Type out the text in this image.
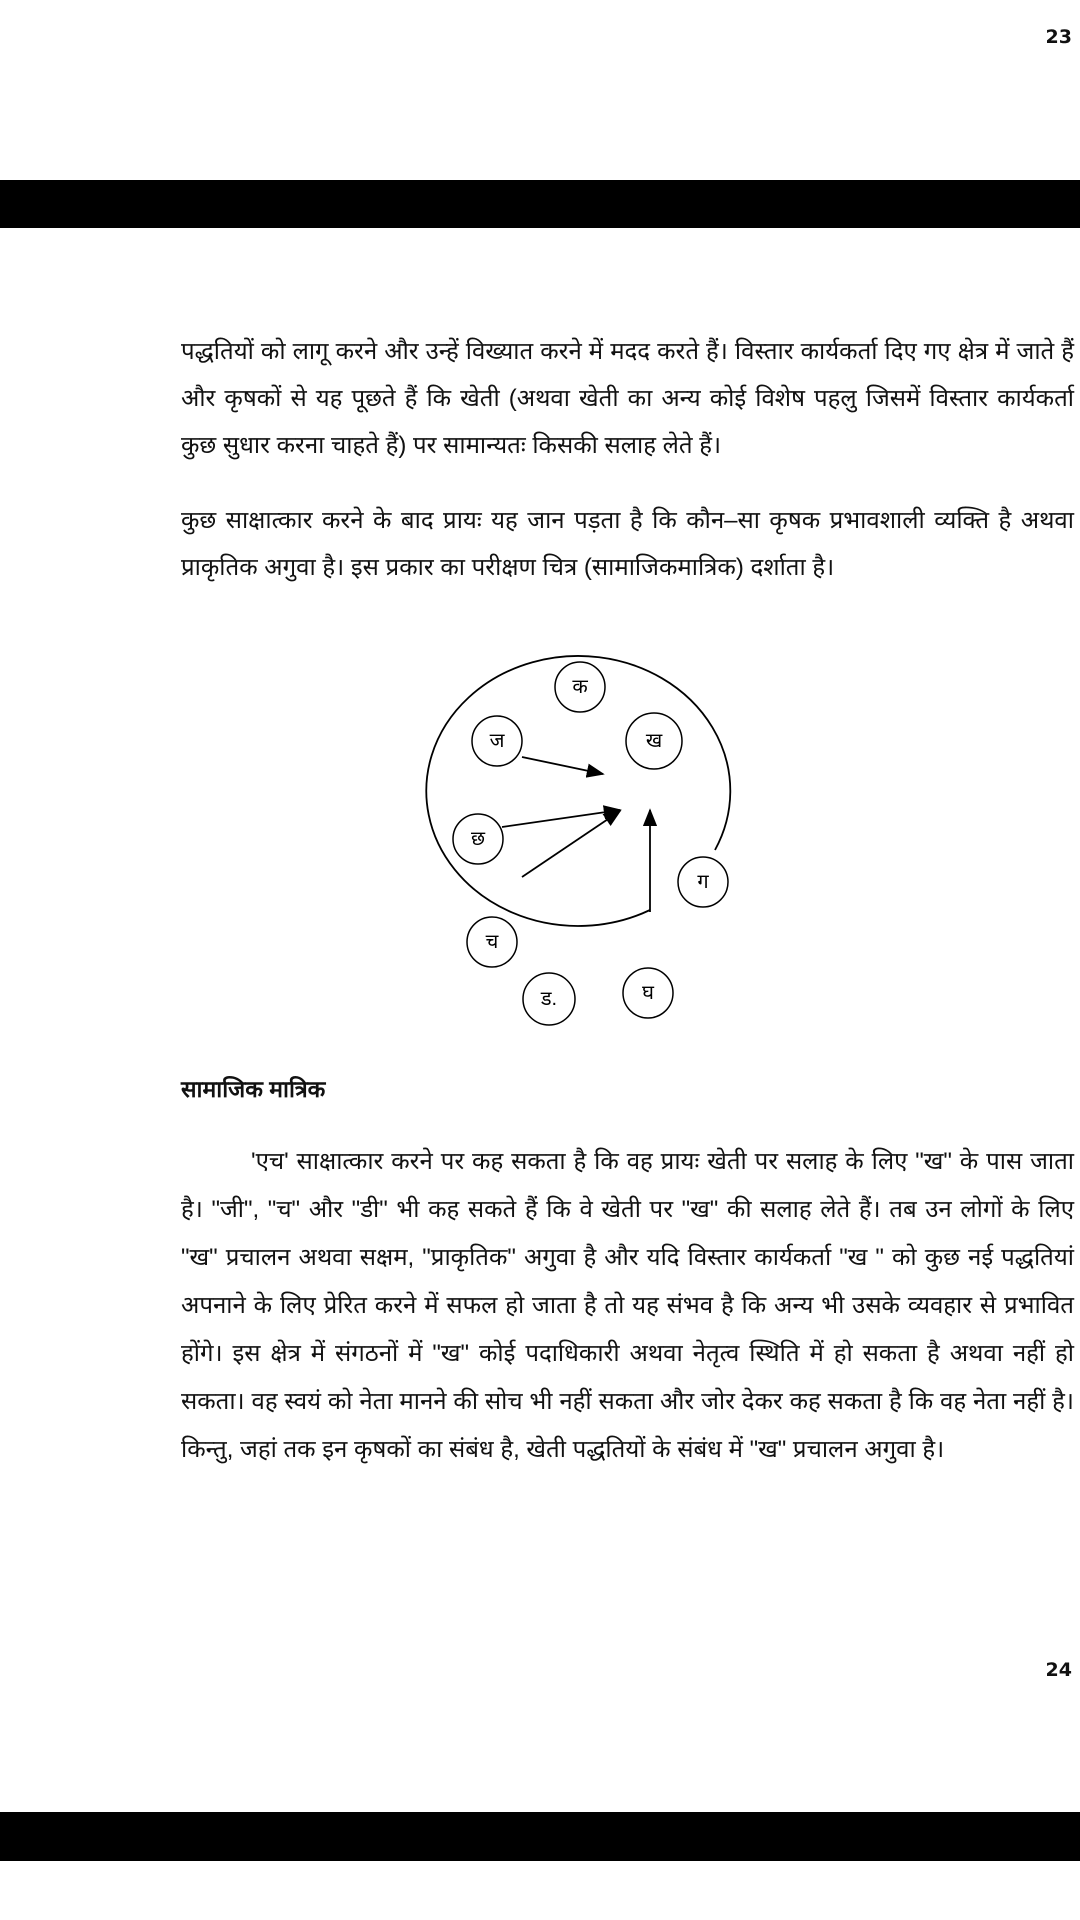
23

पद्धतियों को लागू करने और उन्हें विख्यात करने में मदद करते हैं। विस्तार कार्यकर्ता दिए गए क्षेत्र में जाते हैं और कृषकों से यह पूछते हैं कि खेती (अथवा खेती का अन्य कोई विशेष पहलु जिसमें विस्तार कार्यकर्ता कुछ सुधार करना चाहते हैं) पर सामान्यतः किसकी सलाह लेते हैं।

कुछ साक्षात्कार करने के बाद प्रायः यह जान पड़ता है कि कौन–सा कृषक प्रभावशाली व्यक्ति है अथवा प्राकृतिक अगुवा है। इस प्रकार का परीक्षण चित्र (सामाजिकमात्रिक) दर्शाता है।

क
ज	ख
छ
ग
च
ड.	घ
सामाजिक मात्रिक

'एच' साक्षात्कार करने पर कह सकता है कि वह प्रायः खेती पर सलाह के लिए "ख" के पास जाता है। "जी", "च" और "डी" भी कह सकते हैं कि वे खेती पर "ख" की सलाह लेते हैं। तब उन लोगों के लिए "ख" प्रचालन अथवा सक्षम, "प्राकृतिक" अगुवा है और यदि विस्तार कार्यकर्ता "ख " को कुछ नई पद्धतियां अपनाने के लिए प्रेरित करने में सफल हो जाता है तो यह संभव है कि अन्य भी उसके व्यवहार से प्रभावित होंगे। इस क्षेत्र में संगठनों में "ख" कोई पदाधिकारी अथवा नेतृत्व स्थिति में हो सकता है अथवा नहीं हो सकता। वह स्वयं को नेता मानने की सोच भी नहीं सकता और जोर देकर कह सकता है कि वह नेता नहीं है। किन्तु, जहां तक इन कृषकों का संबंध है, खेती पद्धतियों के संबंध में "ख" प्रचालन अगुवा है।

24
